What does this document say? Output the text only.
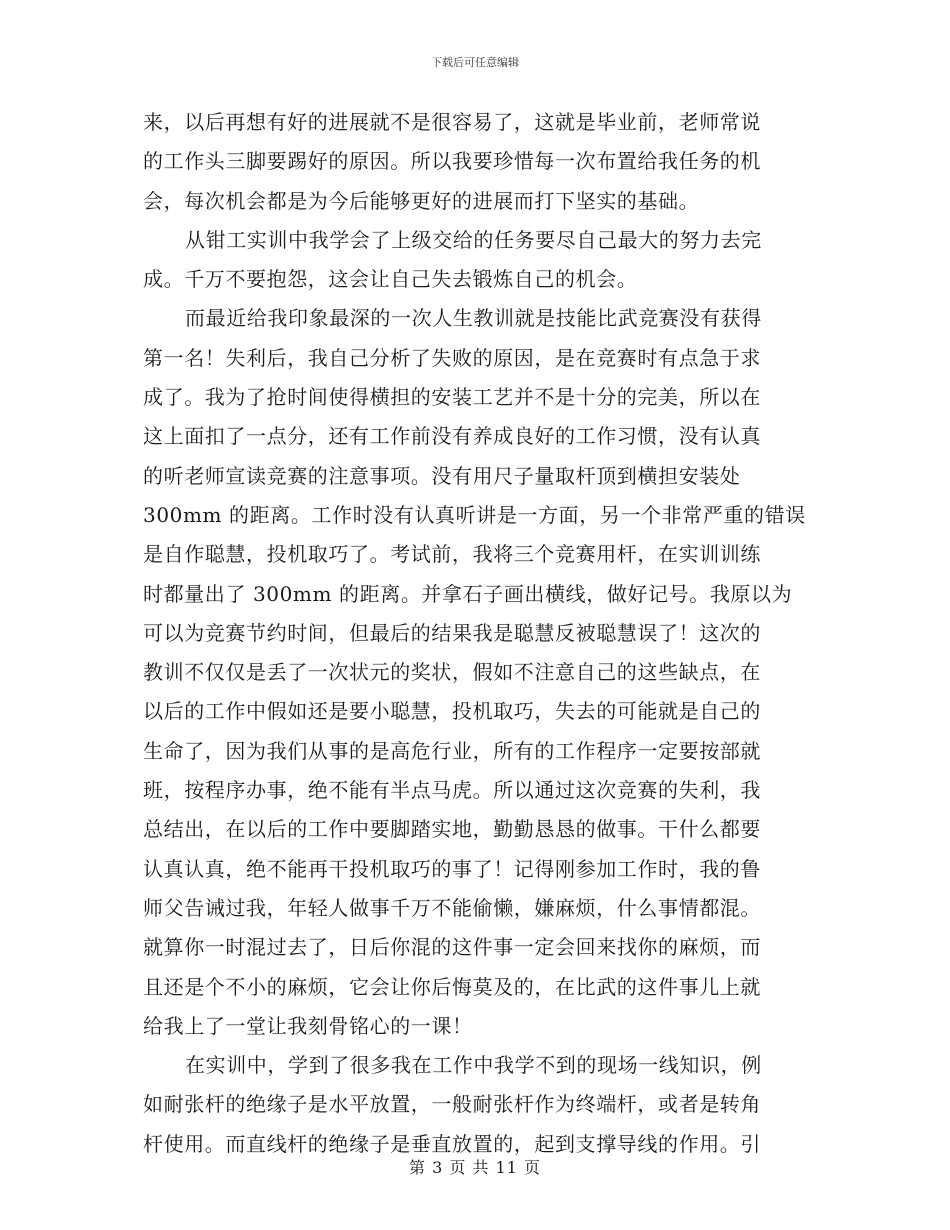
下载后可任意编辑
来，以后再想有好的进展就不是很容易了，这就是毕业前，老师常说
的工作头三脚要踢好的原因。所以我要珍惜每一次布置给我任务的机
会，每次机会都是为今后能够更好的进展而打下坚实的基础。
从钳工实训中我学会了上级交给的任务要尽自己最大的努力去完
成。千万不要抱怨，这会让自己失去锻炼自己的机会。
而最近给我印象最深的一次人生教训就是技能比武竞赛没有获得
第一名！失利后，我自己分析了失败的原因，是在竞赛时有点急于求
成了。我为了抢时间使得横担的安装工艺并不是十分的完美，所以在
这上面扣了一点分，还有工作前没有养成良好的工作习惯，没有认真
的听老师宣读竞赛的注意事项。没有用尺子量取杆顶到横担安装处
300mm 的距离。工作时没有认真听讲是一方面，另一个非常严重的错误
是自作聪慧，投机取巧了。考试前，我将三个竞赛用杆，在实训训练
时都量出了 300mm 的距离。并拿石子画出横线，做好记号。我原以为
可以为竞赛节约时间，但最后的结果我是聪慧反被聪慧误了！这次的
教训不仅仅是丢了一次状元的奖状，假如不注意自己的这些缺点，在
以后的工作中假如还是要小聪慧，投机取巧，失去的可能就是自己的
生命了，因为我们从事的是高危行业，所有的工作程序一定要按部就
班，按程序办事，绝不能有半点马虎。所以通过这次竞赛的失利，我
总结出，在以后的工作中要脚踏实地，勤勤恳恳的做事。干什么都要
认真认真，绝不能再干投机取巧的事了！记得刚参加工作时，我的鲁
师父告诫过我，年轻人做事千万不能偷懒，嫌麻烦，什么事情都混。
就算你一时混过去了，日后你混的这件事一定会回来找你的麻烦，而
且还是个不小的麻烦，它会让你后悔莫及的，在比武的这件事儿上就
给我上了一堂让我刻骨铭心的一课！
在实训中，学到了很多我在工作中我学不到的现场一线知识，例
如耐张杆的绝缘子是水平放置，一般耐张杆作为终端杆，或者是转角
杆使用。而直线杆的绝缘子是垂直放置的，起到支撑导线的作用。引
第 3 页 共 11 页
